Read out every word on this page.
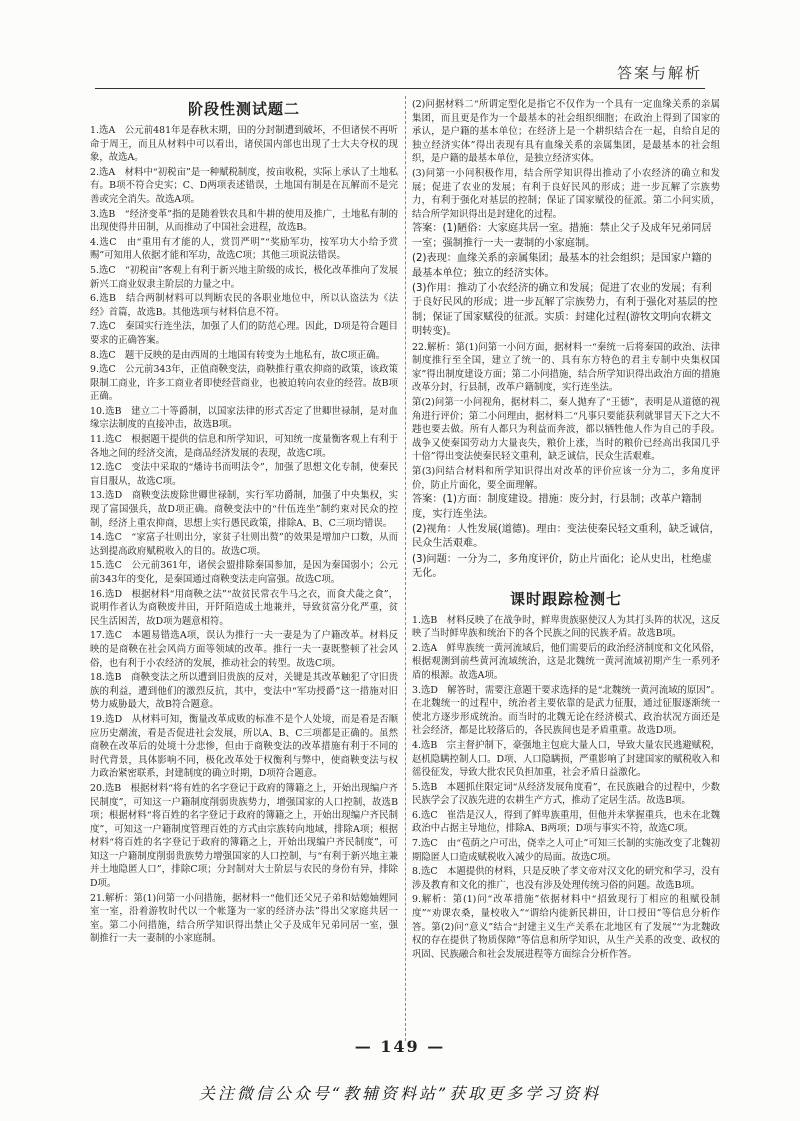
答案与解析
阶段性测试题二

1.选A　公元前481年是春秋末期，田的分封制遭到破坏，不但诸侯不再听命于周王，而且从材料中可以看出，诸侯国内部也出现了士大夫夺权的现象，故选A。

2.选A　材料中“初税亩”是一种赋税制度，按亩收税，实际上承认了土地私有。B项不符合史实；C、D两项表述错误，土地国有制是在瓦解而不是完善或完全消失。故选A项。

3.选B　“经济变革”指的是随着铁农具和牛耕的使用及推广，土地私有制的出现使得井田制，从而推动了中国社会进程，故选B。

4.选C　由“重用有才能的人，赏罚严明”“奖励军功，按军功大小给予赏赐”可知用人依据才能和军功，故选C项；其他三项说法错误。

5.选C　“初税亩”客观上有利于新兴地主阶级的成长，极化改革推向了发展新兴工商业奴隶主阶层的力量之中。

6.选B　结合两制材料可以判断农民的各职业地位中，所以认盗法为《法经》首篇，故选B。其他选项与材料信息不符。

7.选C　秦国实行连坐法，加强了人们的防范心理。因此，D项是符合题目要求的正确答案。

8.选C　题干反映的是由西周的土地国有转变为土地私有，故C项正确。

9.选C　公元前343年，正值商鞅变法，商鞅推行重农抑商的政策，该政策限制工商业，许多工商业者即使经营商业，也被迫转向农业的经营。故B项正确。

10.选B　建立二十等爵制，以国家法律的形式否定了世卿世禄制，是对血缘宗法制度的直接冲击，故选B项。

11.选C　根据题干提供的信息和所学知识，可知统一度量衡客观上有利于各地之间的经济交流，是商品经济发展的表现，故选C项。

12.选C　变法中采取的“燔诗书而明法令”，加强了思想文化专制，使秦民盲目服从，故选C项。

13.选D　商鞅变法废除世卿世禄制，实行军功爵制，加强了中央集权，实现了富国强兵，故D项正确。商鞅变法中的“什伍连坐”制约束对民众的控制，经济上重农抑商，思想上实行愚民政策，排除A、B、C三项均错误。

14.选C　“家富子壮则出分，家贫子壮则出赘”的效果是增加户口数，从而达到提高政府赋税收入的目的。故选C项。

15.选C　公元前361年，诸侯会盟排除秦国参加，是因为秦国弱小；公元前343年的变化，是秦国通过商鞅变法走向富强。故选C项。

16.选D　根据材料“用商鞅之法”“故贫民常衣牛马之衣，而食犬彘之食”，说明作者认为商鞅废井田，开阡陌造成土地兼并，导致贫富分化严重，贫民生活困苦，故D项为题意相符。

17.选C　本题易错选A项，误认为推行一夫一妻是为了户籍改革。材料反映的是商鞅在社会风尚方面等领域的改革。推行一夫一妻既整顿了社会风俗，也有利于小农经济的发展，推动社会的转型。故选C项。

18.选B　商鞅变法之所以遭到旧贵族的反对，关键是其改革触犯了守旧贵族的利益，遭到他们的激烈反抗，其中，变法中“军功授爵”这一措施对旧势力威胁最大，故B符合题意。

19.选D　从材料可知，衡量改革成败的标准不是个人处境，而是看是否顺应历史潮流，看是否促进社会发展，所以A、B、C三项都是正确的。虽然商鞅在改革后的处境十分悲惨，但由于商鞅变法的改革措施有利于不同的时代背景，具体影响不同，极化改革处于权衡利与弊中，使商鞅变法与权力政治紧密联系，封建制度的确立时期，D项符合题意。

20.选B　根据材料“将有姓的名字登记于政府的簿籍之上，开始出现编户齐民制度”，可知这一户籍制度削弱贵族势力，增强国家的人口控制，故选B项；根据材料“将百姓的名字登记于政府的簿籍之上，开始出现编户齐民制度”，可知这一户籍制度管理百姓的方式由宗族转向地域，排除A项；根据材料“将百姓的名字登记于政府的簿籍之上，开始出现编户齐民制度”，可知这一户籍制度削弱贵族势力增强国家的人口控制，与“有利于新兴地主兼并土地隐匿人口”，排除C项；分封制对大士阶层与农民的身份有异，排除D项。

21.解析：第(1)问第一小问措施，据材料一“他们还父兄子弟和姑媳妯娌同室一室，沿着游牧时代以一个帐篷为一家的经济办法”得出父家庭共居一室。第二小问措施，结合所学知识得出禁止父子及成年兄弟同居一室，强制推行一夫一妻制的小家庭制。

(2)问据材料二“所谓定型化是指它不仅作为一个具有一定血缘关系的亲属集团，而且更是作为一个最基本的社会组织细胞；在政治上得到了国家的承认，是户籍的基本单位；在经济上是一个耕织结合在一起，自给自足的独立经济实体”得出表现有具有血缘关系的亲属集团，是最基本的社会组织，是户籍的最基本单位，是独立经济实体。

(3)问第一小问积极作用，结合所学知识得出推动了小农经济的确立和发展；促进了农业的发展；有利于良好民风的形成；进一步瓦解了宗族势力，有利于强化对基层的控制；保证了国家赋役的征派。第二小问实质，结合所学知识得出是封建化的过程。

答案：(1)陋俗：大家庭共居一室。措施：禁止父子及成年兄弟同居一室；强制推行一夫一妻制的小家庭制。

(2)表现：血缘关系的亲属集团；最基本的社会组织；是国家户籍的最基本单位；独立的经济实体。

(3)作用：推动了小农经济的确立和发展；促进了农业的发展；有利于良好民风的形成；进一步瓦解了宗族势力，有利于强化对基层的控制；保证了国家赋役的征派。实质：封建化过程(游牧文明向农耕文明转变)。

22.解析：第(1)问第一小问方面，据材料一“秦统一后将秦国的政治、法律制度推行至全国，建立了统一的、具有东方特色的君主专制中央集权国家”得出制度建设方面；第二小问措施，结合所学知识得出政治方面的措施改革分封，行县制，改革户籍制度，实行连坐法。

第(2)问第一小问视角，据材料二，秦人抛弃了“王德”，表明是从道德的视角进行评价；第二小问理由，据材料二“凡事只要能获利就罪冒天下之大不韪也要去做。所有人都只为利益而奔波，都以牺牲他人作为自己的手段。战争又使秦国劳动力大量丧失，粮价上涨，当时的粮价已经高出我国几乎十倍”得出变法使秦民轻文重利，缺乏诚信，民众生活艰难。

第(3)问结合材料和所学知识得出对改革的评价应该一分为二，多角度评价，防止片面化，要全面理解。

答案：(1)方面：制度建设。措施：废分封，行县制；改革户籍制度，实行连坐法。

(2)视角：人性发展(道德)。理由：变法使秦民轻文重利，缺乏诚信，民众生活艰难。

(3)问题：一分为二，多角度评价，防止片面化；论从史出，杜绝虚无化。

课时跟踪检测七

1.选B　材料反映了在战争时，鲜卑贵族驱使汉人为其打头阵的状况，这反映了当时鲜卑族和统治下的各个民族之间的民族矛盾。故选B项。

2.选A　鲜卑族统一黄河流域后，他们需要后的政治经济制度和文化风俗，根据观测到前些黄河流域统治，这是北魏统一黄河流域初期产生一系列矛盾的根源。故选A项。

3.选D　解答时，需要注意题干要求选择的是“北魏统一黄河流域的原因”。在北魏统一的过程中，统治者主要依靠的是武力征服，通过征服逐渐统一使北方逐步形成统治。而当时的北魏无论在经济模式、政治状况方面还是社会经济，都是比较落后的，各民族间也是矛盾重重。故选D项。

4.选B　宗主督护制下，豪强地主包庇大量人口，导致大量农民逃避赋税，赵机隐瞒控制人口。D项、人口隐瞒损，严重影响了封建国家的赋税收入和徭役征发，导致大批农民负担加重，社会矛盾日益激化。

5.选B　本题抓住限定词“从经济发展角度看”，在民族融合的过程中，少数民族学会了汉族先进的农耕生产方式，推动了定居生活。故选B项。

6.选C　崔浩是汉人，得到了鲜卑族重用，但他并未掌握重兵，也未在北魏政治中占据主导地位，排除A、B两项；D项与事实不符，故选C项。

7.选C　由“苞荫之户可出，侥幸之人可止”可知三长制的实施改变了北魏初期隐匿人口造成赋税收入减少的局面。故选C项。

8.选C　本题提供的材料，只是反映了孝文帝对汉文化的研究和学习，没有涉及教育和文化的推广，也没有涉及处理传统习俗的问题。故选B项。

9.解析：第(1)问“改革措施”依据材料中“招致现行丁相应的租赋役制度”“劝课农桑，量校收入”“谓给内徙新民耕田，计口授田”等信息分析作答。第(2)问“意义”结合“封建主义生产关系在北地区有了发展”“为北魏政权的存在提供了物质保障”等信息和所学知识，从生产关系的改变、政权的巩固、民族融合和社会发展进程等方面综合分析作答。

— 149 —
关注微信公众号“教辅资料站”获取更多学习资料
